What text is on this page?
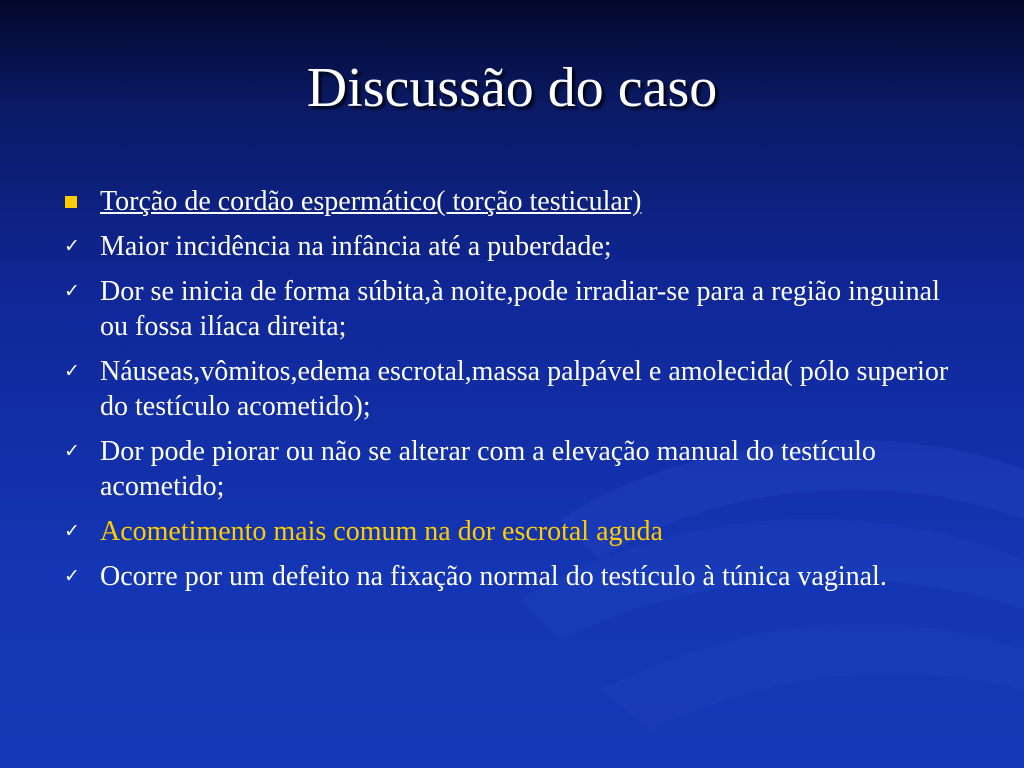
Discussão do caso
Torção de cordão espermático( torção testicular)
✓ Maior incidência na infância até a puberdade;
✓ Dor se inicia de forma súbita,à noite,pode irradiar-se para a região inguinal ou fossa ilíaca direita;
✓ Náuseas,vômitos,edema escrotal,massa palpável e amolecida( pólo superior do testículo acometido);
✓ Dor pode piorar ou não se alterar com a elevação manual do testículo acometido;
✓ Acometimento mais comum na dor escrotal aguda
✓ Ocorre por um defeito na fixação normal do testículo à túnica vaginal.
